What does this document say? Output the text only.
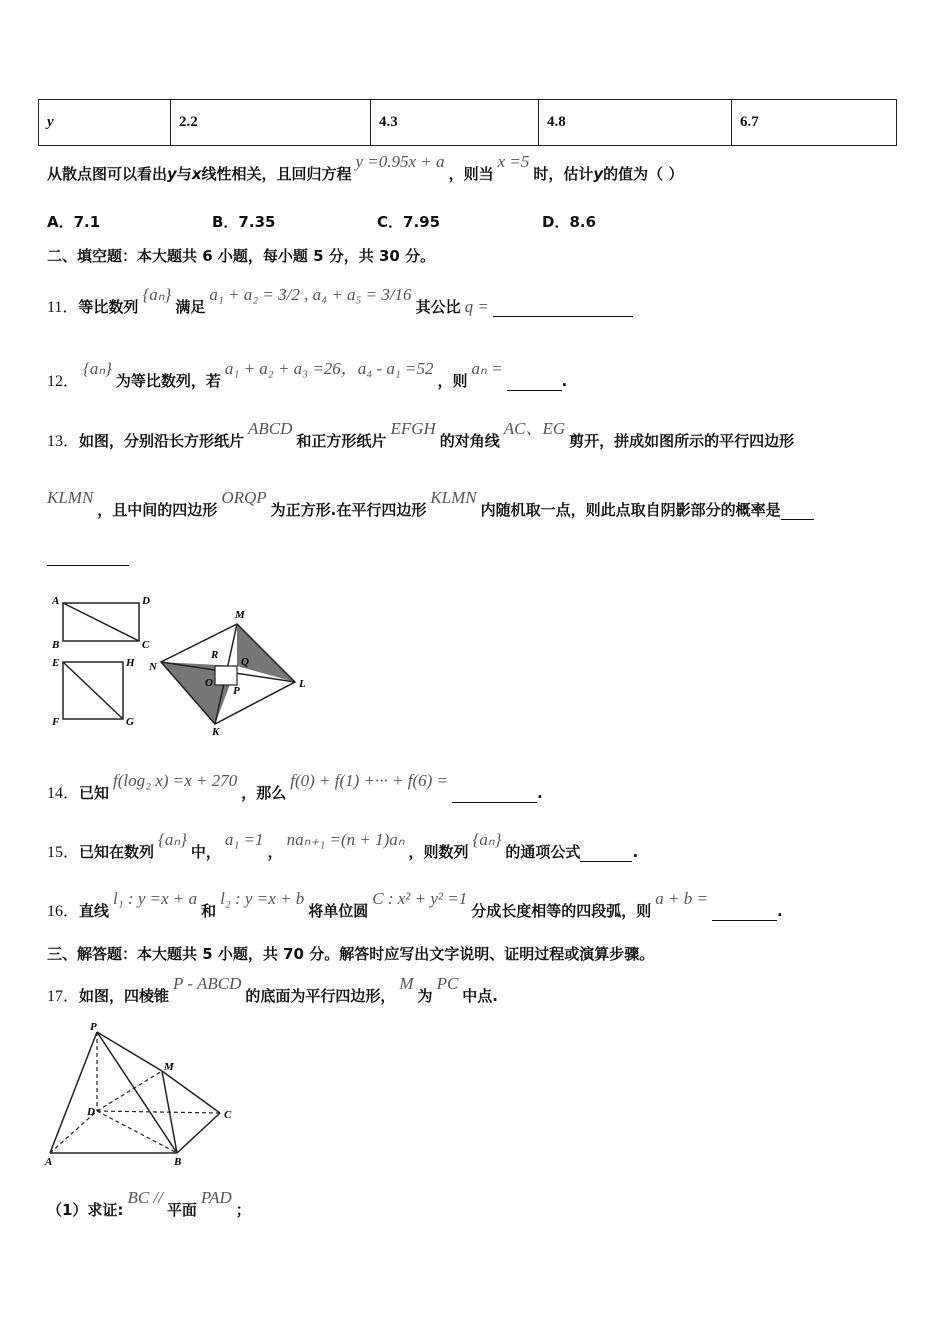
y	2.2	4.3	4.8	6.7
从散点图可以看出y与x线性相关，且回归方程y =0.95x + a，则当x =5时，估计y的值为（ ）
A．7.1	B．7.35	C．7.95	D．8.6
二、填空题：本大题共 6 小题，每小题 5 分，共 30 分。
11．等比数列{aₙ}满足a₁ + a₂ = 3/2 , a₄ + a₅ = 3/16其公比 q =
12．{aₙ}为等比数列，若a₁ + a₂ + a₃ =26，a₄ - a₁ =52，则aₙ =.
13．如图，分别沿长方形纸片ABCD和正方形纸片EFGH的对角线AC、EG剪开，拼成如图所示的平行四边形
KLMN，且中间的四边形ORQP为正方形.在平行四边形KLMN内随机取一点，则此点取自阴影部分的概率是
A	D
B	C
E	H
F	G
M
N
R
Q
O
P
L
K
14．已知f(log₂ x) =x + 270，那么f(0) + f(1) +··· + f(6) =.
15．已知在数列{aₙ}中，a₁ =1，naₙ₊₁ =(n + 1)aₙ，则数列{aₙ}的通项公式	.
16．直线l₁ : y =x + a和l₂ : y =x + b将单位圆C : x² + y² =1分成长度相等的四段弧，则a + b =.
三、解答题：本大题共 5 小题，共 70 分。解答时应写出文字说明、证明过程或演算步骤。
17．如图，四棱锥P - ABCD的底面为平行四边形，M为PC中点.
P
M
D	C
A	B
（1）求证:BC //平面PAD；
